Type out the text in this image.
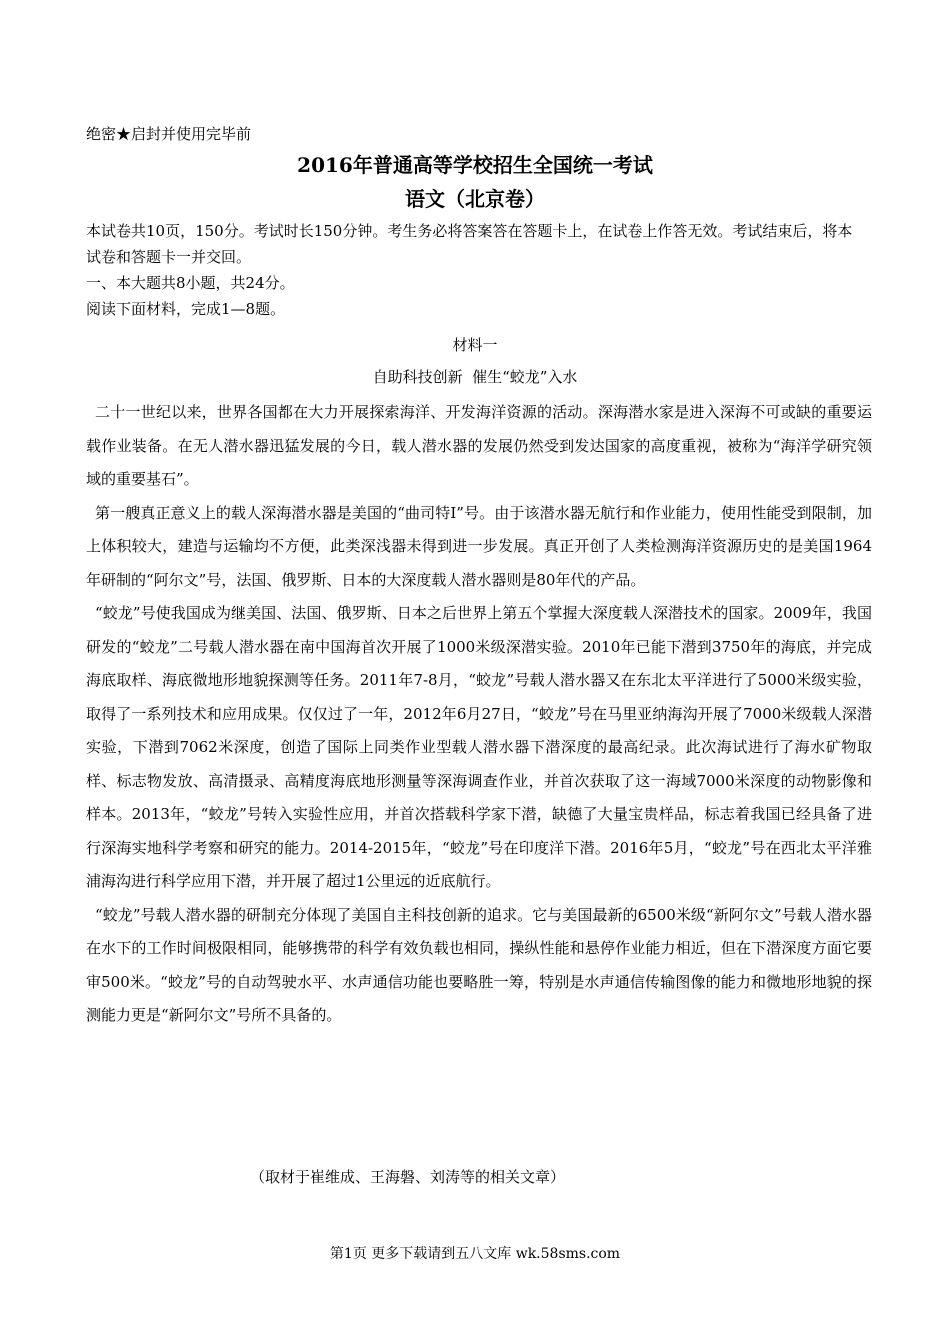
绝密★启封并使用完毕前
2016年普通高等学校招生全国统一考试
语文（北京卷）
本试卷共10页，150分。考试时长150分钟。考生务必将答案答在答题卡上，在试卷上作答无效。考试结束后，将本试卷和答题卡一并交回。
一、本大题共8小题，共24分。
阅读下面材料，完成1—8题。
材料一
自助科技创新  催生“蛟龙”入水

二十一世纪以来，世界各国都在大力开展探索海洋、开发海洋资源的活动。深海潜水家是进入深海不可或缺的重要运载作业装备。在无人潜水器迅猛发展的今日，载人潜水器的发展仍然受到发达国家的高度重视，被称为“海洋学研究领域的重要基石”。

第一艘真正意义上的载人深海潜水器是美国的“曲司特I”号。由于该潜水器无航行和作业能力，使用性能受到限制，加上体积较大，建造与运输均不方便，此类深浅器未得到进一步发展。真正开创了人类检测海洋资源历史的是美国1964年研制的“阿尔文”号，法国、俄罗斯、日本的大深度载人潜水器则是80年代的产品。

“蛟龙”号使我国成为继美国、法国、俄罗斯、日本之后世界上第五个掌握大深度载人深潜技术的国家。2009年，我国研发的“蛟龙”二号载人潜水器在南中国海首次开展了1000米级深潜实验。2010年已能下潜到3750年的海底，并完成海底取样、海底微地形地貌探测等任务。2011年7-8月，“蛟龙”号载人潜水器又在东北太平洋进行了5000米级实验，取得了一系列技术和应用成果。仅仅过了一年，2012年6月27日，“蛟龙”号在马里亚纳海沟开展了7000米级载人深潜实验，下潜到7062米深度，创造了国际上同类作业型载人潜水器下潜深度的最高纪录。此次海试进行了海水矿物取样、标志物发放、高清摄录、高精度海底地形测量等深海调查作业，并首次获取了这一海域7000米深度的动物影像和样本。2013年，“蛟龙”号转入实验性应用，并首次搭载科学家下潜，缺德了大量宝贵样品，标志着我国已经具备了进行深海实地科学考察和研究的能力。2014-2015年，“蛟龙”号在印度洋下潜。2016年5月，“蛟龙”号在西北太平洋雅浦海沟进行科学应用下潜，并开展了超过1公里远的近底航行。

“蛟龙”号载人潜水器的研制充分体现了美国自主科技创新的追求。它与美国最新的6500米级“新阿尔文”号载人潜水器在水下的工作时间极限相同，能够携带的科学有效负载也相同，操纵性能和悬停作业能力相近，但在下潜深度方面它要审500米。“蛟龙”号的自动驾驶水平、水声通信功能也要略胜一筹，特别是水声通信传输图像的能力和微地形地貌的探测能力更是“新阿尔文”号所不具备的。

（取材于崔维成、王海磐、刘涛等的相关文章）
第1页 更多下载请到五八文库 wk.58sms.com
